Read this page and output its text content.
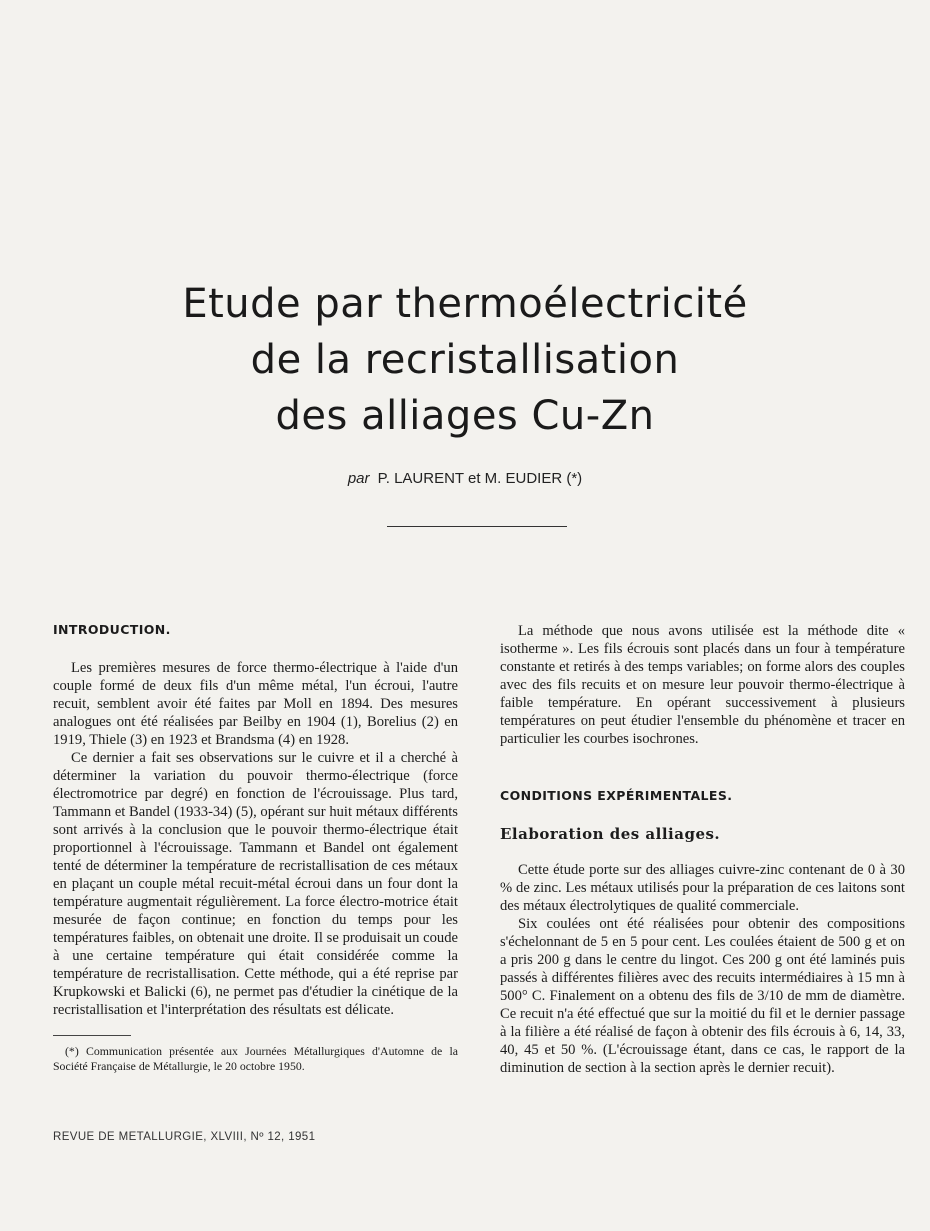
Etude par thermoélectricité
de la recristallisation
des alliages Cu-Zn
par P. LAURENT et M. EUDIER (*)
INTRODUCTION.

Les premières mesures de force thermo-électrique à l'aide d'un couple formé de deux fils d'un même métal, l'un écroui, l'autre recuit, semblent avoir été faites par Moll en 1894. Des mesures analogues ont été réalisées par Beilby en 1904 (1), Borelius (2) en 1919, Thiele (3) en 1923 et Brandsma (4) en 1928.

Ce dernier a fait ses observations sur le cuivre et il a cherché à déterminer la variation du pouvoir thermo-électrique (force électromotrice par degré) en fonction de l'écrouissage. Plus tard, Tammann et Bandel (1933-34) (5), opérant sur huit métaux différents sont arrivés à la conclusion que le pouvoir thermo-électrique était proportionnel à l'écrouissage. Tammann et Bandel ont également tenté de déterminer la température de recristallisation de ces métaux en plaçant un couple métal recuit-métal écroui dans un four dont la température augmentait régulièrement. La force électro-motrice était mesurée de façon continue; en fonction du temps pour les températures faibles, on obtenait une droite. Il se produisait un coude à une certaine température qui était considérée comme la température de recristallisation. Cette méthode, qui a été reprise par Krupkowski et Balicki (6), ne permet pas d'étudier la cinétique de la recristallisation et l'interprétation des résultats est délicate.

(*) Communication présentée aux Journées Métallurgiques d'Automne de la Société Française de Métallurgie, le 20 octobre 1950.

La méthode que nous avons utilisée est la méthode dite « isotherme ». Les fils écrouis sont placés dans un four à température constante et retirés à des temps variables; on forme alors des couples avec des fils recuits et on mesure leur pouvoir thermo-électrique à faible température. En opérant successivement à plusieurs températures on peut étudier l'ensemble du phénomène et tracer en particulier les courbes isochrones.

CONDITIONS EXPÉRIMENTALES.
Elaboration des alliages.

Cette étude porte sur des alliages cuivre-zinc contenant de 0 à 30 % de zinc. Les métaux utilisés pour la préparation de ces laitons sont des métaux électrolytiques de qualité commerciale.

Six coulées ont été réalisées pour obtenir des compositions s'échelonnant de 5 en 5 pour cent. Les coulées étaient de 500 g et on a pris 200 g dans le centre du lingot. Ces 200 g ont été laminés puis passés à différentes filières avec des recuits intermédiaires à 15 mn à 500° C. Finalement on a obtenu des fils de 3/10 de mm de diamètre. Ce recuit n'a été effectué que sur la moitié du fil et le dernier passage à la filière a été réalisé de façon à obtenir des fils écrouis à 6, 14, 33, 40, 45 et 50 %. (L'écrouissage étant, dans ce cas, le rapport de la diminution de section à la section après le dernier recuit).

REVUE DE METALLURGIE, XLVIII, Nº 12, 1951
